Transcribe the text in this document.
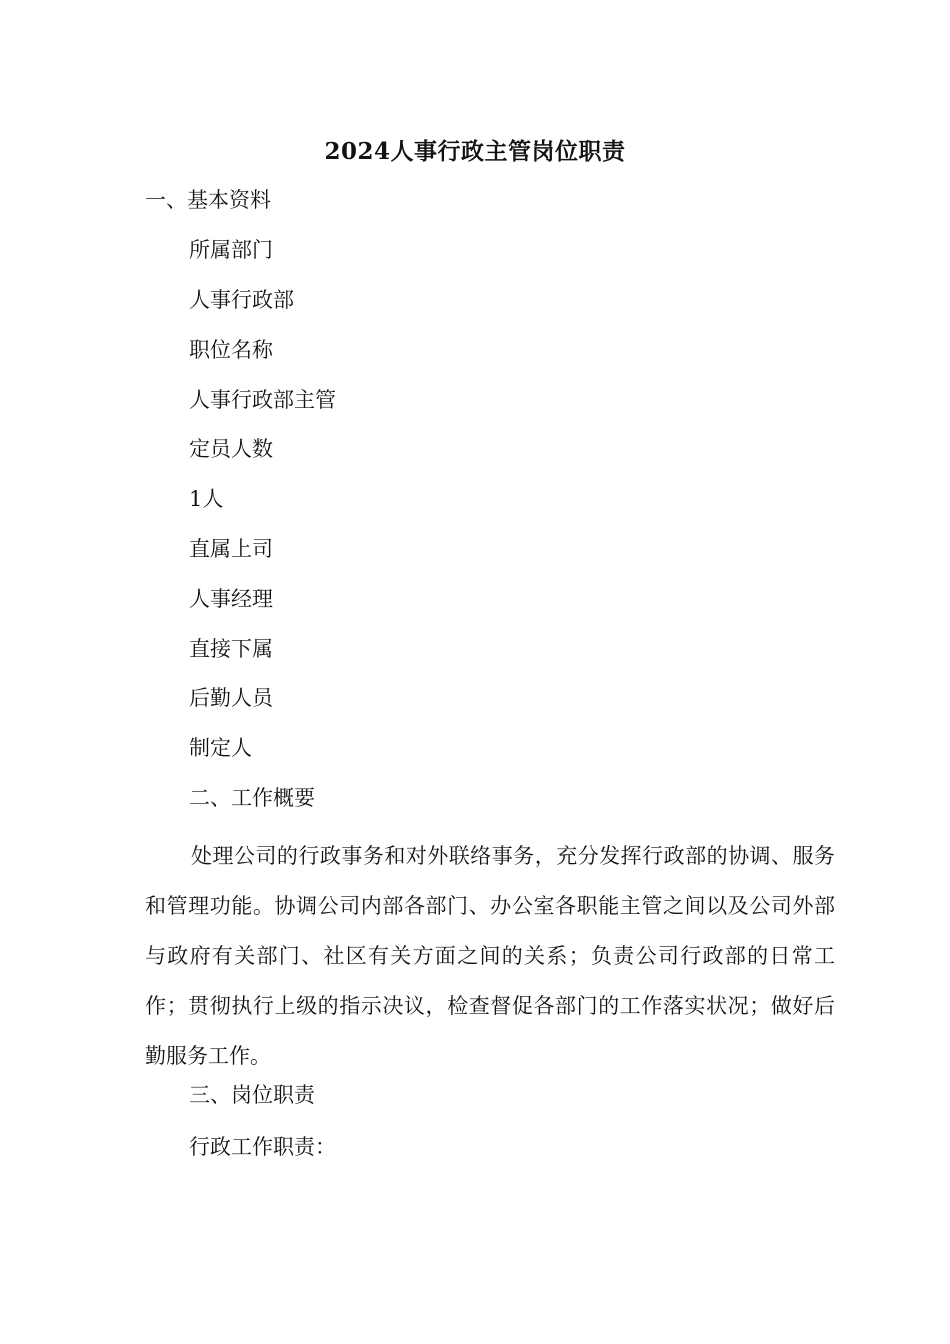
2024人事行政主管岗位职责
一、基本资料
所属部门
人事行政部
职位名称
人事行政部主管
定员人数
1人
直属上司
人事经理
直接下属
后勤人员
制定人
二、工作概要
处理公司的行政事务和对外联络事务，充分发挥行政部的协调、服务和管理功能。协调公司内部各部门、办公室各职能主管之间以及公司外部与政府有关部门、社区有关方面之间的关系；负责公司行政部的日常工作；贯彻执行上级的指示决议，检查督促各部门的工作落实状况；做好后勤服务工作。
三、岗位职责
行政工作职责：
